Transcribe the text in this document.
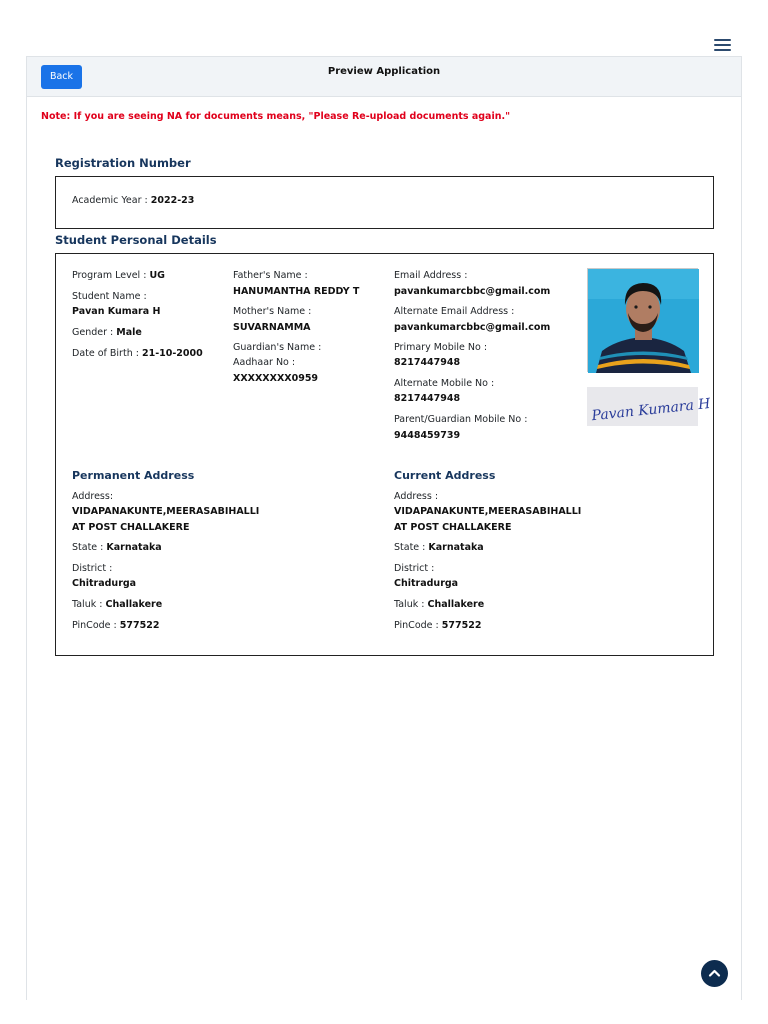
Back	Preview Application
Note: If you are seeing NA for documents means, "Please Re-upload documents again."
Registration Number
Academic Year : 2022-23
Student Personal Details
Program Level : UG
Student Name :
Pavan Kumara H
Gender : Male
Date of Birth : 21-10-2000
Father's Name :
HANUMANTHA REDDY T
Mother's Name :
SUVARNAMMA
Guardian's Name :
Aadhaar No :
XXXXXXXX0959
Email Address :
pavankumarcbbc@gmail.com
Alternate Email Address :
pavankumarcbbc@gmail.com
Primary Mobile No :
8217447948
Alternate Mobile No :
8217447948
Parent/Guardian Mobile No :
9448459739
Pavan Kumara H
Permanent Address
Address:
VIDAPANAKUNTE,MEERASABIHALLI
AT POST CHALLAKERE
State : Karnataka
District :
Chitradurga
Taluk : Challakere
PinCode : 577522
Current Address
Address :
VIDAPANAKUNTE,MEERASABIHALLI
AT POST CHALLAKERE
State : Karnataka
District :
Chitradurga
Taluk : Challakere
PinCode : 577522
